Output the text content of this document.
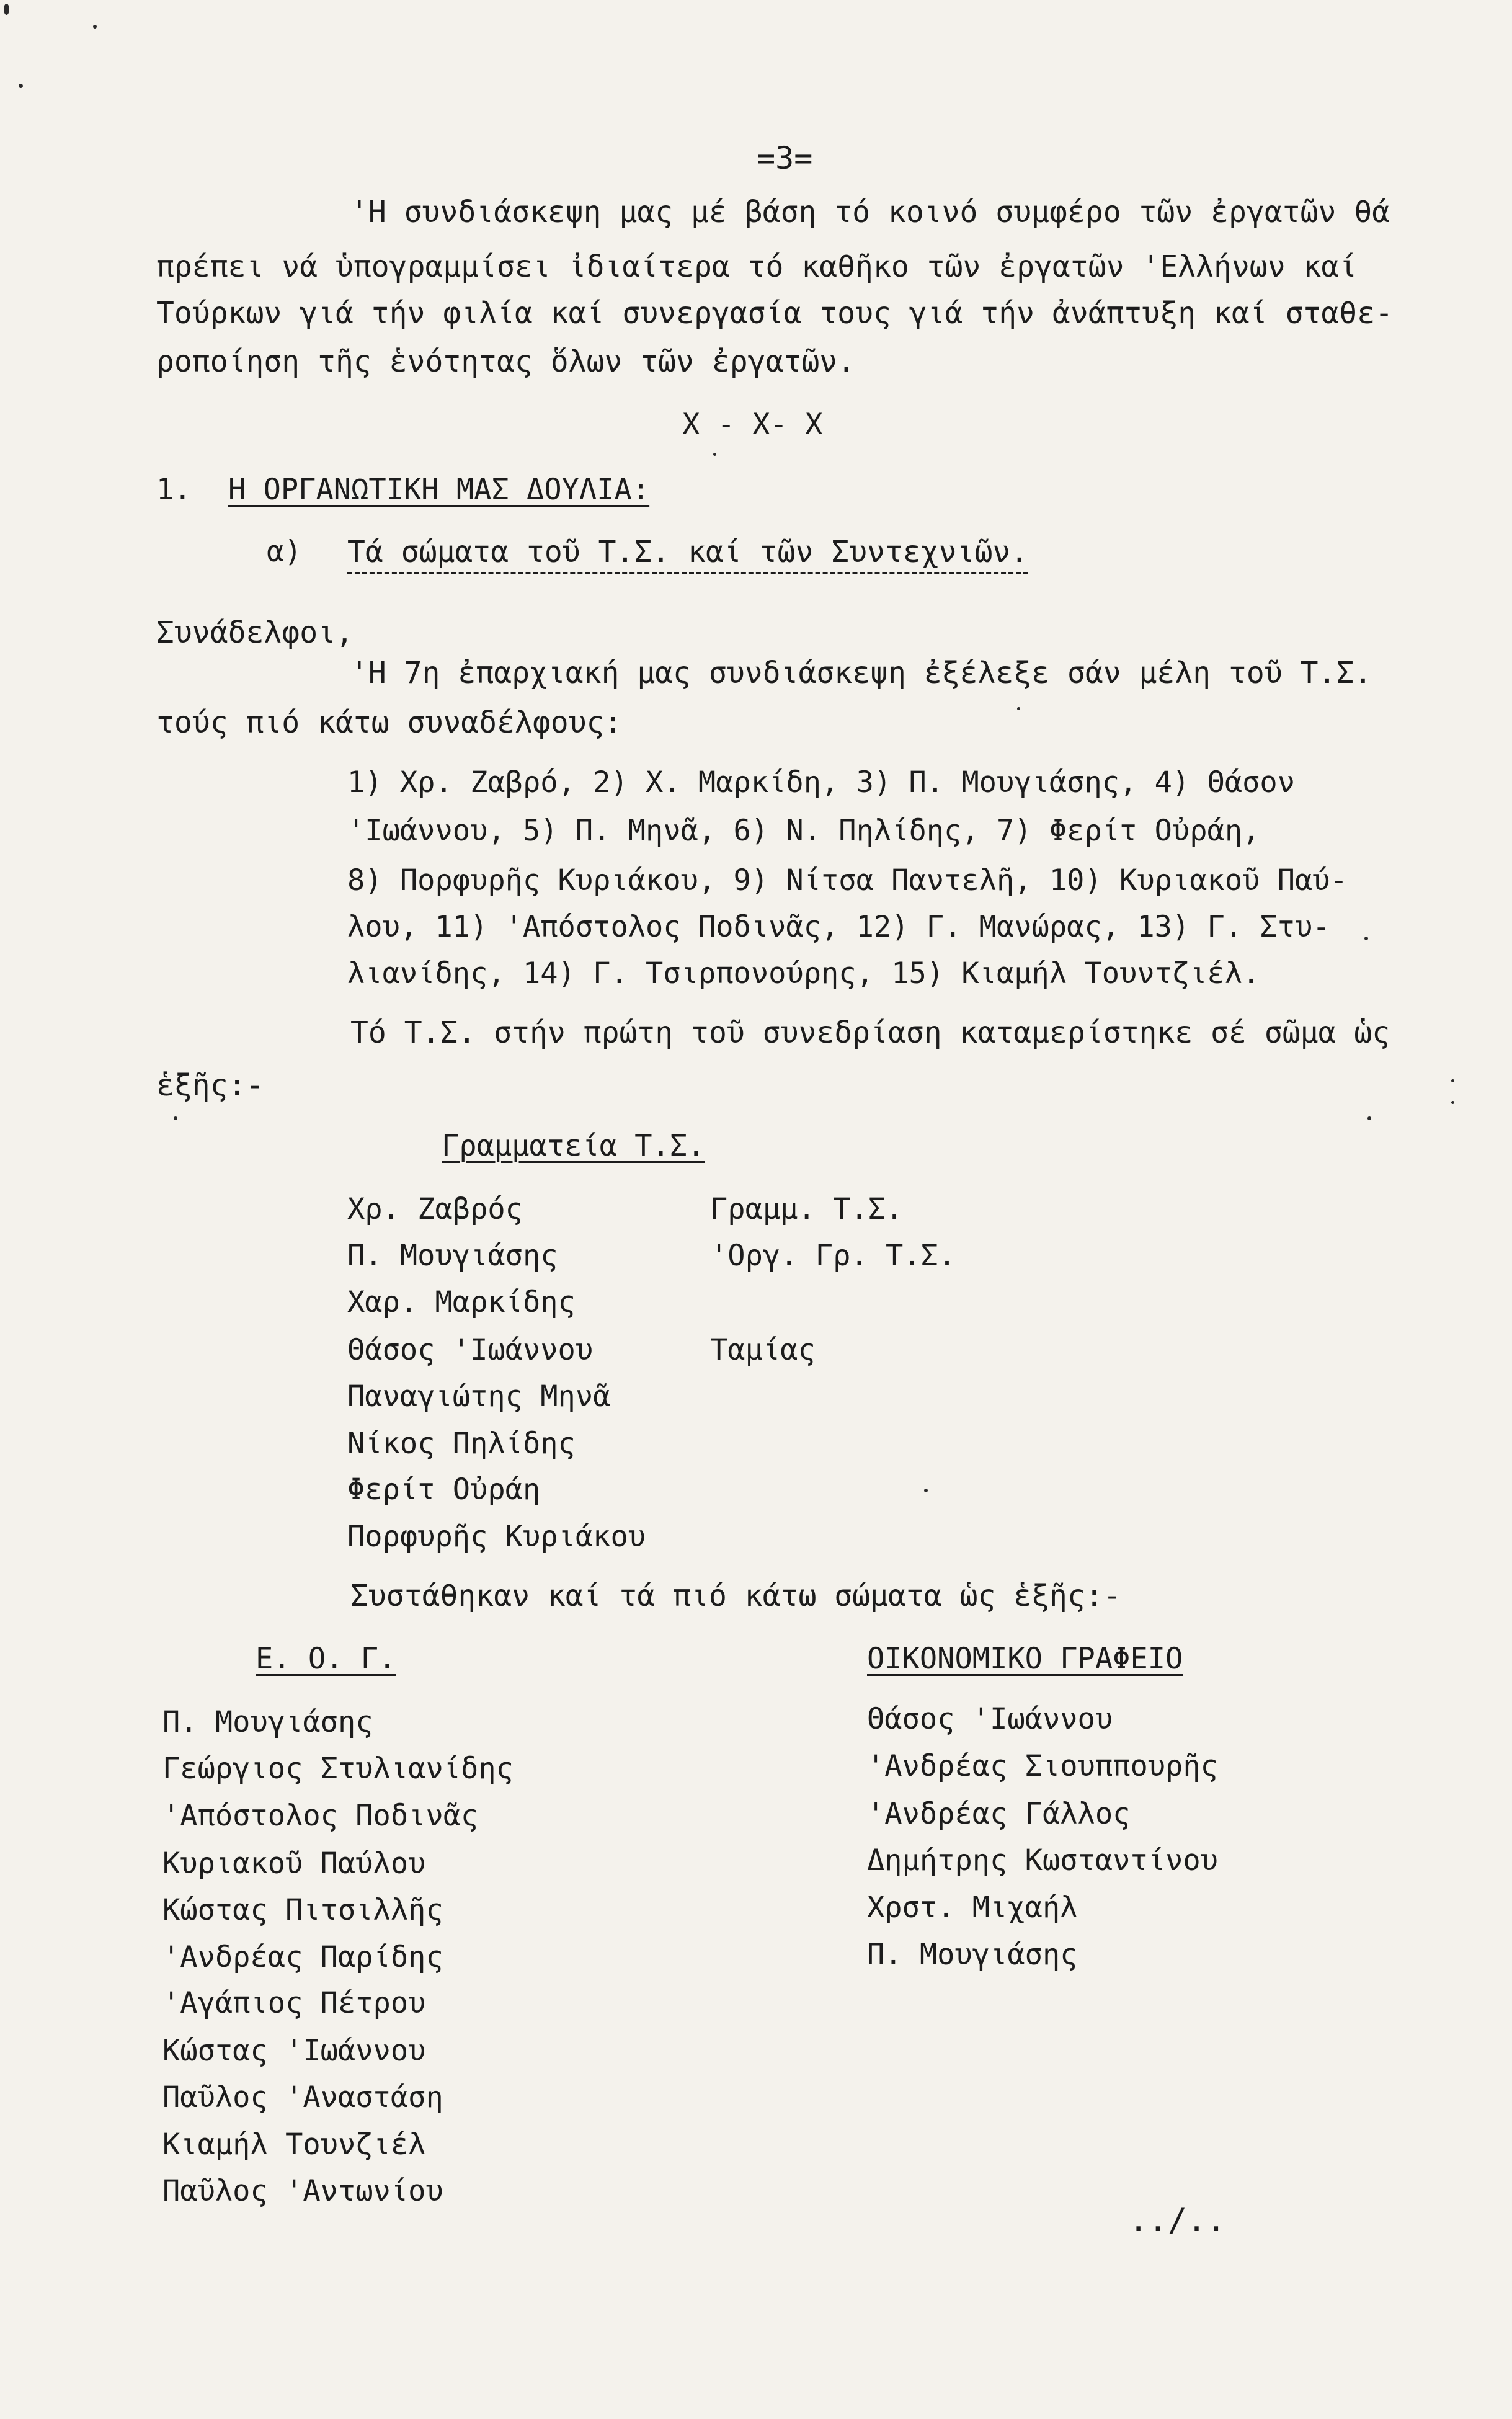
=3=
'Η συνδιάσκεψη μας μέ βάση τό κοινό συμφέρο τῶν ἐργατῶν θά
πρέπει νά ὑπογραμμίσει ἰδιαίτερα τό καθῆκο τῶν ἐργατῶν 'Ελλήνων καί
Τούρκων γιά τήν φιλία καί συνεργασία τους γιά τήν ἀνάπτυξη καί σταθε-
ροποίηση τῆς ἑνότητας ὅλων τῶν ἐργατῶν.
X - X- X
1. Η ΟΡΓΑΝΩΤΙΚΗ ΜΑΣ ΔΟΥΛΙΑ:
α) Τά σώματα τοῦ Τ.Σ. καί τῶν Συντεχνιῶν.
Συνάδελφοι,
'Η 7η ἐπαρχιακή μας συνδιάσκεψη ἐξέλεξε σάν μέλη τοῦ Τ.Σ.
τούς πιό κάτω συναδέλφους:
1) Χρ. Ζαβρό, 2) Χ. Μαρκίδη, 3) Π. Μουγιάσης, 4) Θάσον
'Ιωάννου, 5) Π. Μηνᾶ, 6) Ν. Πηλίδης, 7) Φερίτ Οὐράη,
8) Πορφυρῆς Κυριάκου, 9) Νίτσα Παντελῆ, 10) Κυριακοῦ Παύ-
λου, 11) 'Απόστολος Ποδινᾶς, 12) Γ. Μανώρας, 13) Γ. Στυ-
λιανίδης, 14) Γ. Τσιρπονούρης, 15) Κιαμήλ Τουντζιέλ.
Τό Τ.Σ. στήν πρώτη τοῦ συνεδρίαση καταμερίστηκε σέ σῶμα ὡς
ἑξῆς:-
Γραμματεία Τ.Σ.
Χρ. Ζαβρός	Γραμμ. Τ.Σ.
Π. Μουγιάσης	'Οργ. Γρ. Τ.Σ.
Χαρ. Μαρκίδης
Θάσος 'Ιωάννου	Ταμίας
Παναγιώτης Μηνᾶ
Νίκος Πηλίδης
Φερίτ Οὐράη
Πορφυρῆς Κυριάκου
Συστάθηκαν καί τά πιό κάτω σώματα ὡς ἑξῆς:-
Ε. Ο. Γ.
Π. Μουγιάσης
Γεώργιος Στυλιανίδης
'Απόστολος Ποδινᾶς
Κυριακοῦ Παύλου
Κώστας Πιτσιλλῆς
'Ανδρέας Παρίδης
'Αγάπιος Πέτρου
Κώστας 'Ιωάννου
Παῦλος 'Αναστάση
Κιαμήλ Τουνζιέλ
Παῦλος 'Αντωνίου
ΟΙΚΟΝΟΜΙΚΟ ΓΡΑΦΕΙΟ
Θάσος 'Ιωάννου
'Ανδρέας Σιουππουρῆς
'Ανδρέας Γάλλος
Δημήτρης Κωσταντίνου
Χρστ. Μιχαήλ
Π. Μουγιάσης
../..
